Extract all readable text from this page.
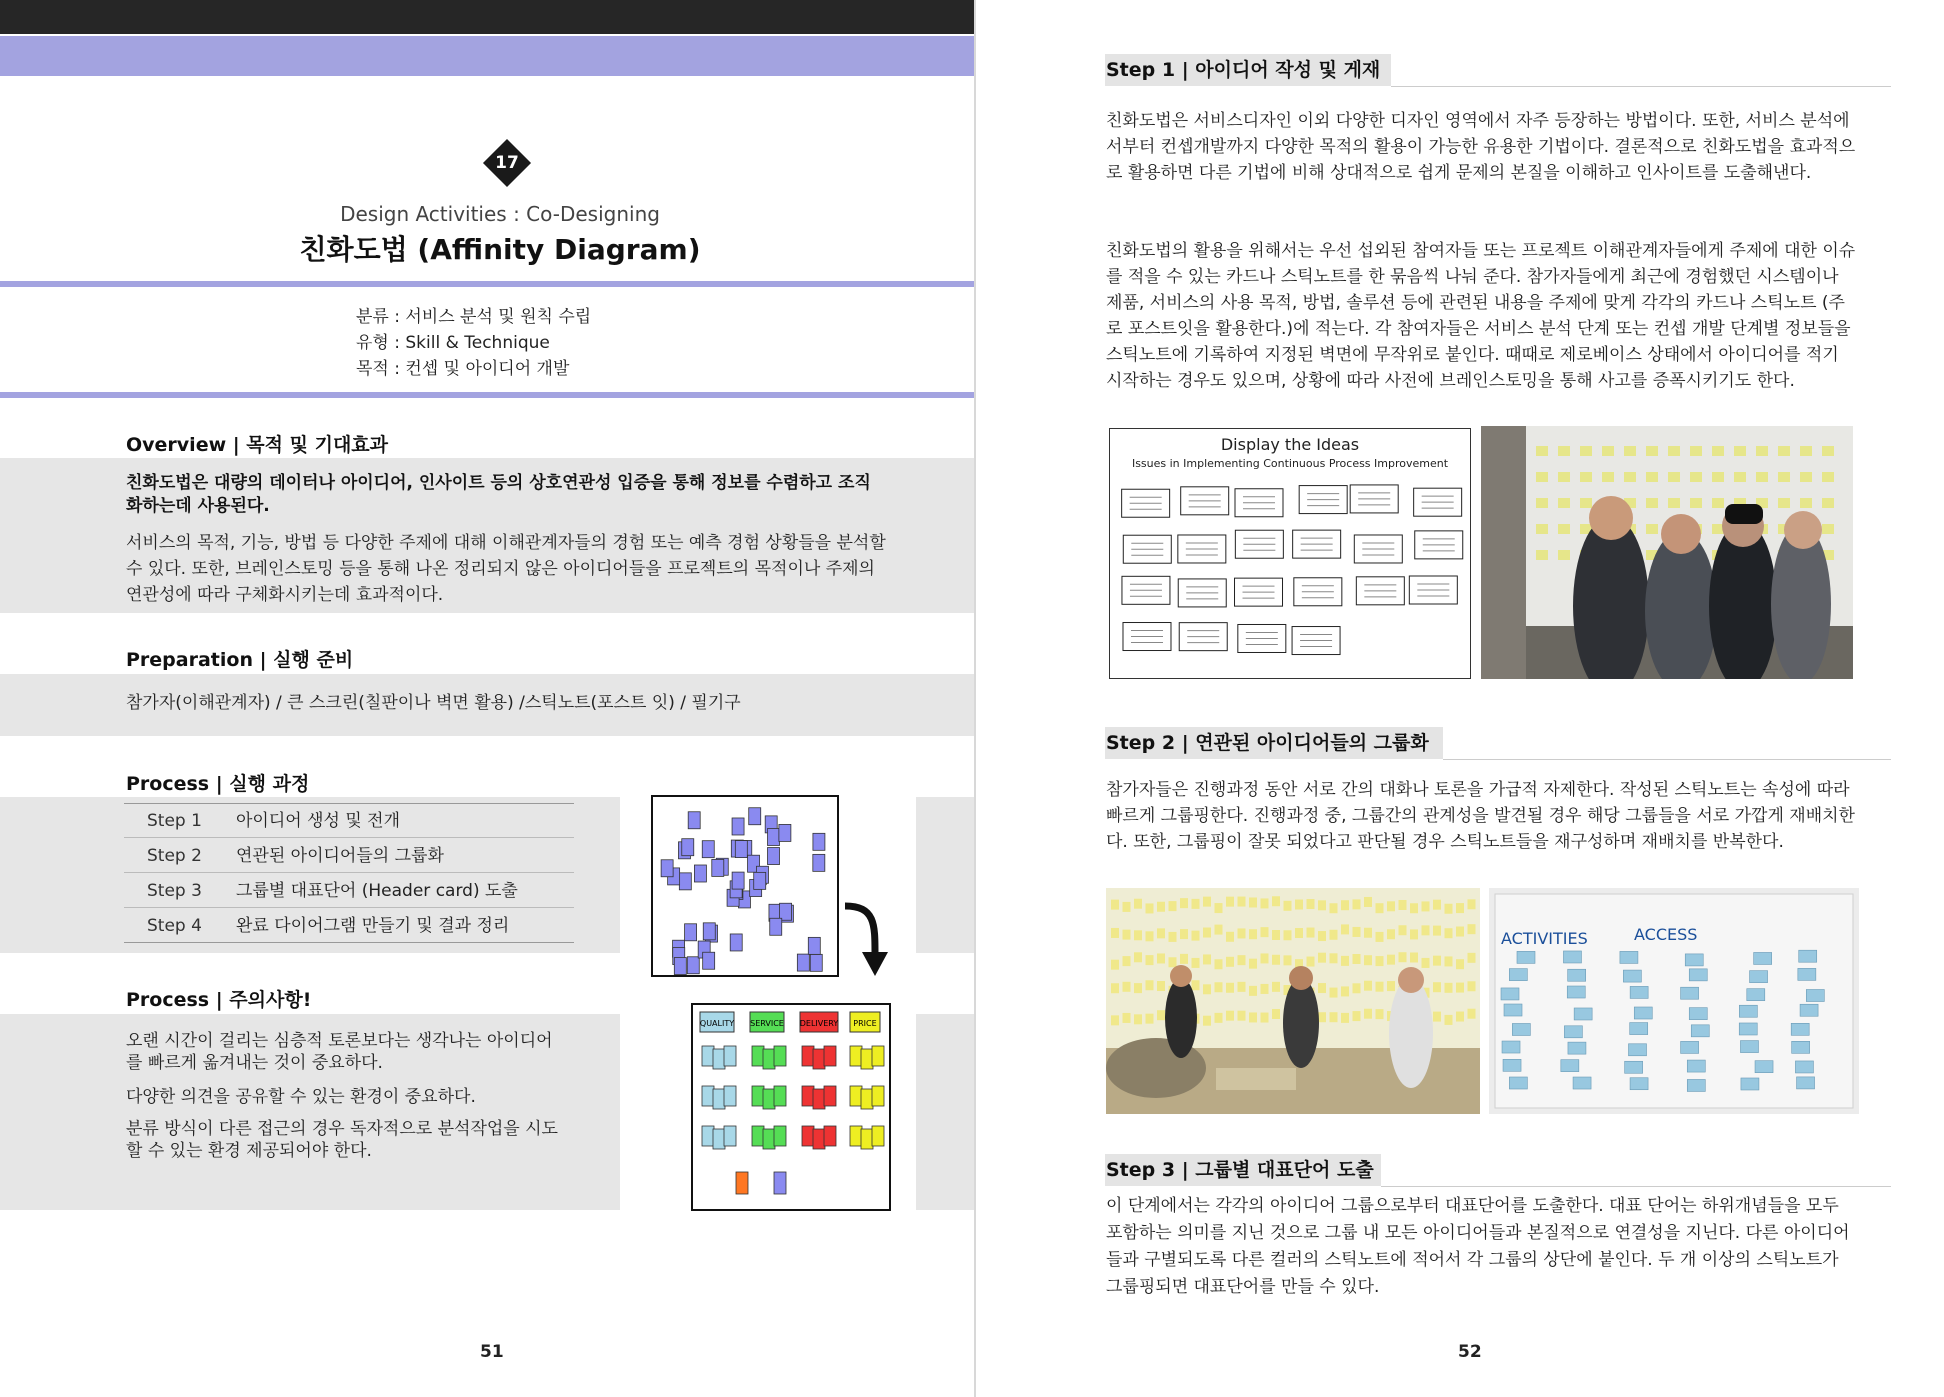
17
Design Activities : Co-Designing
친화도법 (Affinity Diagram)
분류 : 서비스 분석 및 원칙 수립
유형 : Skill & Technique
목적 : 컨셉 및 아이디어 개발
Overview | 목적 및 기대효과
친화도법은 대량의 데이터나 아이디어, 인사이트 등의 상호연관성 입증을 통해 정보를 수렴하고 조직화하는데 사용된다.
서비스의 목적, 기능, 방법 등 다양한 주제에 대해 이해관계자들의 경험 또는 예측 경험 상황들을 분석할 수 있다. 또한, 브레인스토밍 등을 통해 나온 정리되지 않은 아이디어들을 프로젝트의 목적이나 주제의 연관성에 따라 구체화시키는데 효과적이다.
Preparation | 실행 준비
참가자(이해관계자) / 큰 스크린(칠판이나 벽면 활용) /스틱노트(포스트 잇) / 필기구
Process | 실행 과정
Step 1 아이디어 생성 및 전개
Step 2 연관된 아이디어들의 그룹화
Step 3 그룹별 대표단어 (Header card) 도출
Step 4 완료 다이어그램 만들기 및 결과 정리
Process | 주의사항!
오랜 시간이 걸리는 심층적 토론보다는 생각나는 아이디어를 빠르게 옮겨내는 것이 중요하다.
다양한 의견을 공유할 수 있는 환경이 중요하다.
분류 방식이 다른 접근의 경우 독자적으로 분석작업을 시도 할 수 있는 환경 제공되어야 한다.
QUALITY SERVICE DELIVERY PRICE
51
Step 1 | 아이디어 작성 및 게재
친화도법은 서비스디자인 이외 다양한 디자인 영역에서 자주 등장하는 방법이다. 또한, 서비스 분석에서부터 컨셉개발까지 다양한 목적의 활용이 가능한 유용한 기법이다. 결론적으로 친화도법을 효과적으로 활용하면 다른 기법에 비해 상대적으로 쉽게 문제의 본질을 이해하고 인사이트를 도출해낸다.
친화도법의 활용을 위해서는 우선 섭외된 참여자들 또는 프로젝트 이해관계자들에게 주제에 대한 이슈를 적을 수 있는 카드나 스틱노트를 한 묶음씩 나눠 준다. 참가자들에게 최근에 경험했던 시스템이나 제품, 서비스의 사용 목적, 방법, 솔루션 등에 관련된 내용을 주제에 맞게 각각의 카드나 스틱노트 (주로 포스트잇을 활용한다.)에 적는다. 각 참여자들은 서비스 분석 단계 또는 컨셉 개발 단계별 정보들을 스틱노트에 기록하여 지정된 벽면에 무작위로 붙인다. 때때로 제로베이스 상태에서 아이디어를 적기 시작하는 경우도 있으며, 상황에 따라 사전에 브레인스토밍을 통해 사고를 증폭시키기도 한다.
Display the Ideas
Issues in Implementing Continuous Process Improvement
Step 2 | 연관된 아이디어들의 그룹화
참가자들은 진행과정 동안 서로 간의 대화나 토론을 가급적 자제한다. 작성된 스틱노트는 속성에 따라 빠르게 그룹핑한다. 진행과정 중, 그룹간의 관계성을 발견될 경우 해당 그룹들을 서로 가깝게 재배치한다. 또한, 그룹핑이 잘못 되었다고 판단될 경우 스틱노트들을 재구성하며 재배치를 반복한다.
ACTIVITIES	ACCESS
Step 3 | 그룹별 대표단어 도출
이 단계에서는 각각의 아이디어 그룹으로부터 대표단어를 도출한다. 대표 단어는 하위개념들을 모두 포함하는 의미를 지닌 것으로 그룹 내 모든 아이디어들과 본질적으로 연결성을 지닌다. 다른 아이디어들과 구별되도록 다른 컬러의 스틱노트에 적어서 각 그룹의 상단에 붙인다. 두 개 이상의 스틱노트가 그룹핑되면 대표단어를 만들 수 있다.
52
